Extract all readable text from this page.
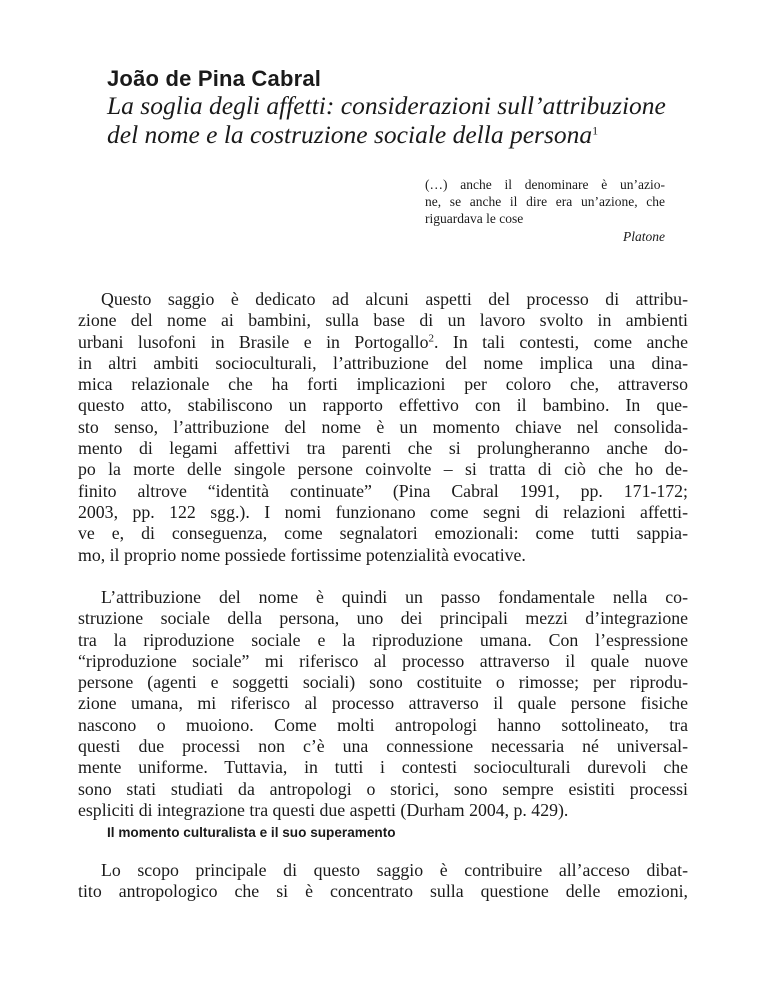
João de Pina Cabral
La soglia degli affetti: considerazioni sull’attribuzione
del nome e la costruzione sociale della persona$^1$
(…) anche il denominare è un’azio-
ne, se anche il dire era un’azione, che
riguardava le cose
Platone
Questo saggio è dedicato ad alcuni aspetti del processo di attribu-
zione del nome ai bambini, sulla base di un lavoro svolto in ambienti
urbani lusofoni in Brasile e in Portogallo$^2$. In tali contesti, come anche
in altri ambiti socioculturali, l’attribuzione del nome implica una dina-
mica relazionale che ha forti implicazioni per coloro che, attraverso
questo atto, stabiliscono un rapporto effettivo con il bambino. In que-
sto senso, l’attribuzione del nome è un momento chiave nel consolida-
mento di legami affettivi tra parenti che si prolungheranno anche do-
po la morte delle singole persone coinvolte – si tratta di ciò che ho de-
finito altrove “identità continuate” (Pina Cabral 1991, pp. 171-172;
2003, pp. 122 sgg.). I nomi funzionano come segni di relazioni affetti-
ve e, di conseguenza, come segnalatori emozionali: come tutti sappia-
mo, il proprio nome possiede fortissime potenzialità evocative.
L’attribuzione del nome è quindi un passo fondamentale nella co-
struzione sociale della persona, uno dei principali mezzi d’integrazione
tra la riproduzione sociale e la riproduzione umana. Con l’espressione
“riproduzione sociale” mi riferisco al processo attraverso il quale nuove
persone (agenti e soggetti sociali) sono costituite o rimosse; per riprodu-
zione umana, mi riferisco al processo attraverso il quale persone fisiche
nascono o muoiono. Come molti antropologi hanno sottolineato, tra
questi due processi non c’è una connessione necessaria né universal-
mente uniforme. Tuttavia, in tutti i contesti socioculturali durevoli che
sono stati studiati da antropologi o storici, sono sempre esistiti processi
espliciti di integrazione tra questi due aspetti (Durham 2004, p. 429).
Il momento culturalista e il suo superamento
Lo scopo principale di questo saggio è contribuire all’acceso dibat-
tito antropologico che si è concentrato sulla questione delle emozioni,
